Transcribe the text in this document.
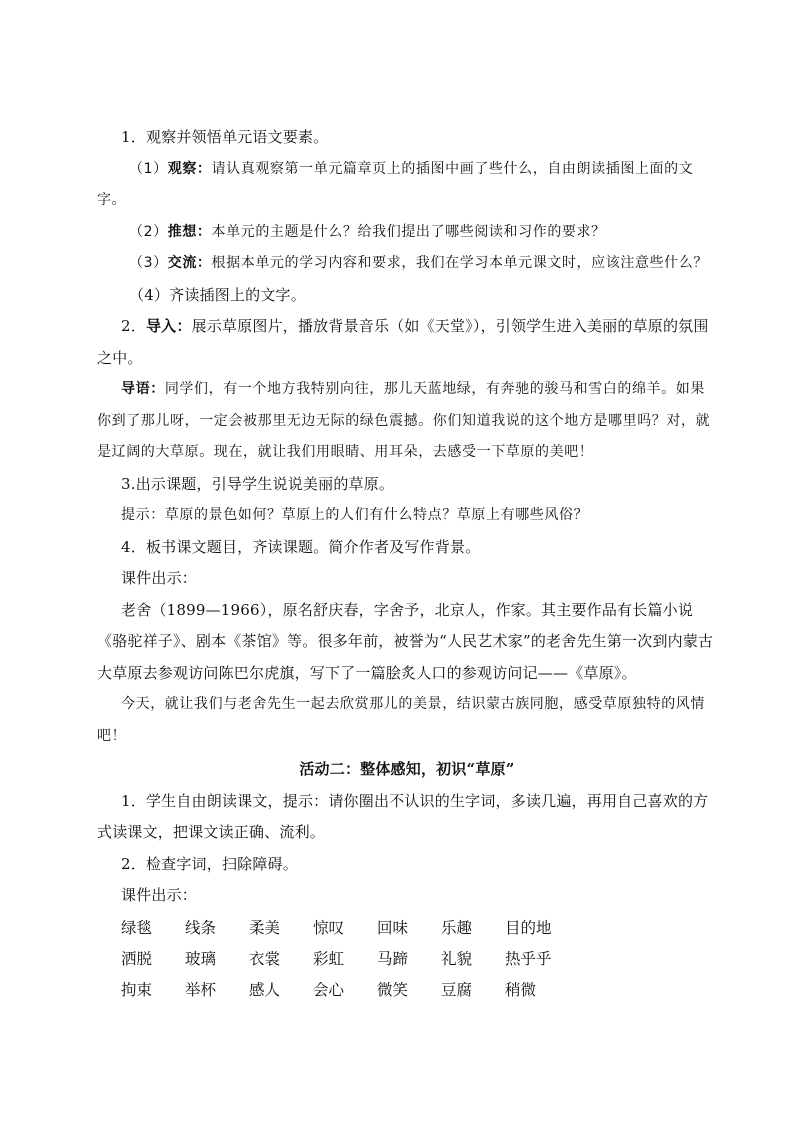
1．观察并领悟单元语文要素。

（1）观察：请认真观察第一单元篇章页上的插图中画了些什么，自由朗读插图上面的文字。

（2）推想：本单元的主题是什么？给我们提出了哪些阅读和习作的要求？

（3）交流：根据本单元的学习内容和要求，我们在学习本单元课文时，应该注意些什么？

（4）齐读插图上的文字。

2．导入：展示草原图片，播放背景音乐（如《天堂》），引领学生进入美丽的草原的氛围之中。

导语：同学们，有一个地方我特别向往，那儿天蓝地绿，有奔驰的骏马和雪白的绵羊。如果你到了那儿呀，一定会被那里无边无际的绿色震撼。你们知道我说的这个地方是哪里吗？对，就是辽阔的大草原。现在，就让我们用眼睛、用耳朵，去感受一下草原的美吧！

3.出示课题，引导学生说说美丽的草原。

提示：草原的景色如何？草原上的人们有什么特点？草原上有哪些风俗？

4．板书课文题目，齐读课题。简介作者及写作背景。

课件出示：

老舍（1899—1966），原名舒庆春，字舍予，北京人，作家。其主要作品有长篇小说《骆驼祥子》、剧本《茶馆》等。很多年前，被誉为“人民艺术家”的老舍先生第一次到内蒙古大草原去参观访问陈巴尔虎旗，写下了一篇脍炙人口的参观访问记——《草原》。

今天，就让我们与老舍先生一起去欣赏那儿的美景，结识蒙古族同胞，感受草原独特的风情吧！

活动二：整体感知，初识“草原”

1．学生自由朗读课文，提示：请你圈出不认识的生字词，多读几遍，再用自己喜欢的方式读课文，把课文读正确、流利。

2．检查字词，扫除障碍。

课件出示：

绿毯	线条	柔美	惊叹	回味	乐趣	目的地
洒脱	玻璃	衣裳	彩虹	马蹄	礼貌	热乎乎
拘束	举杯	感人	会心	微笑	豆腐	稍微
